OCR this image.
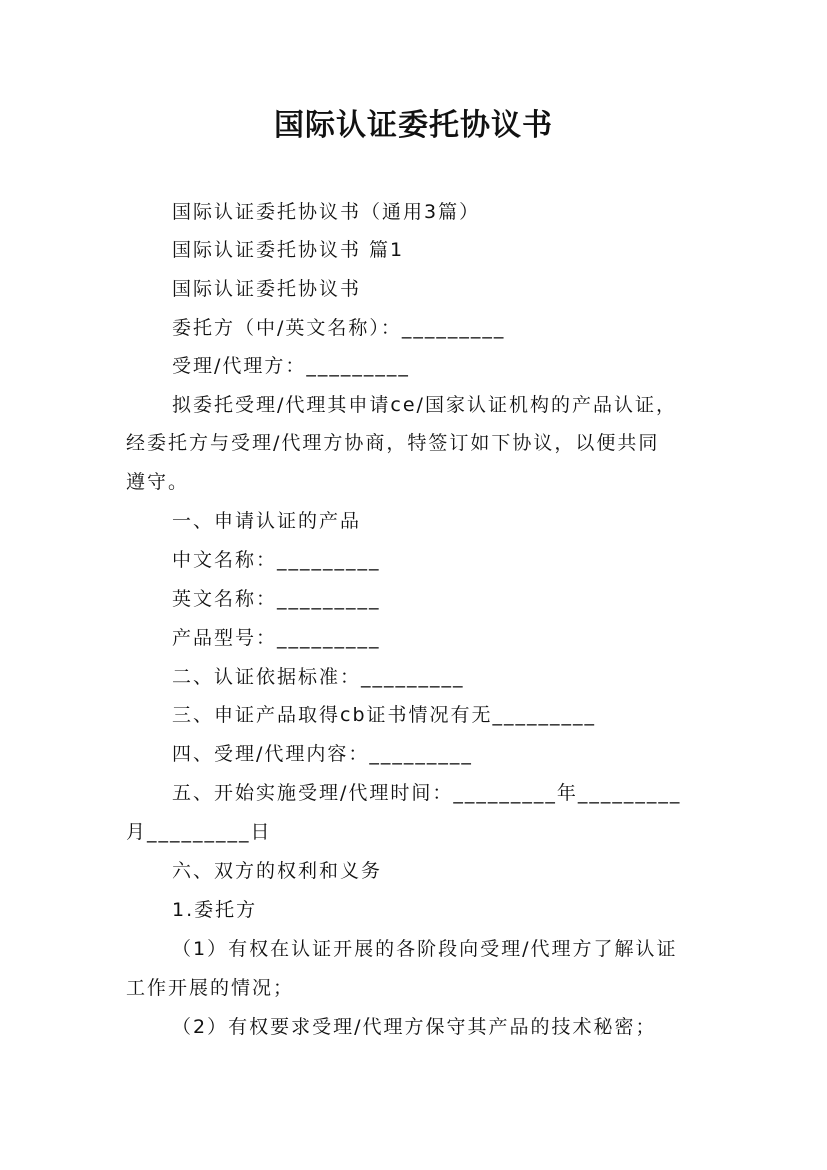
国际认证委托协议书
国际认证委托协议书（通用3篇）
国际认证委托协议书 篇1
国际认证委托协议书
委托方（中/英文名称）：_________
受理/代理方：_________
拟委托受理/代理其申请ce/国家认证机构的产品认证，
经委托方与受理/代理方协商，特签订如下协议，以便共同
遵守。
一、申请认证的产品
中文名称：_________
英文名称：_________
产品型号：_________
二、认证依据标准：_________
三、申证产品取得cb证书情况有无_________
四、受理/代理内容：_________
五、开始实施受理/代理时间：_________年_________
月_________日
六、双方的权利和义务
1.委托方
（1）有权在认证开展的各阶段向受理/代理方了解认证
工作开展的情况；
（2）有权要求受理/代理方保守其产品的技术秘密；
